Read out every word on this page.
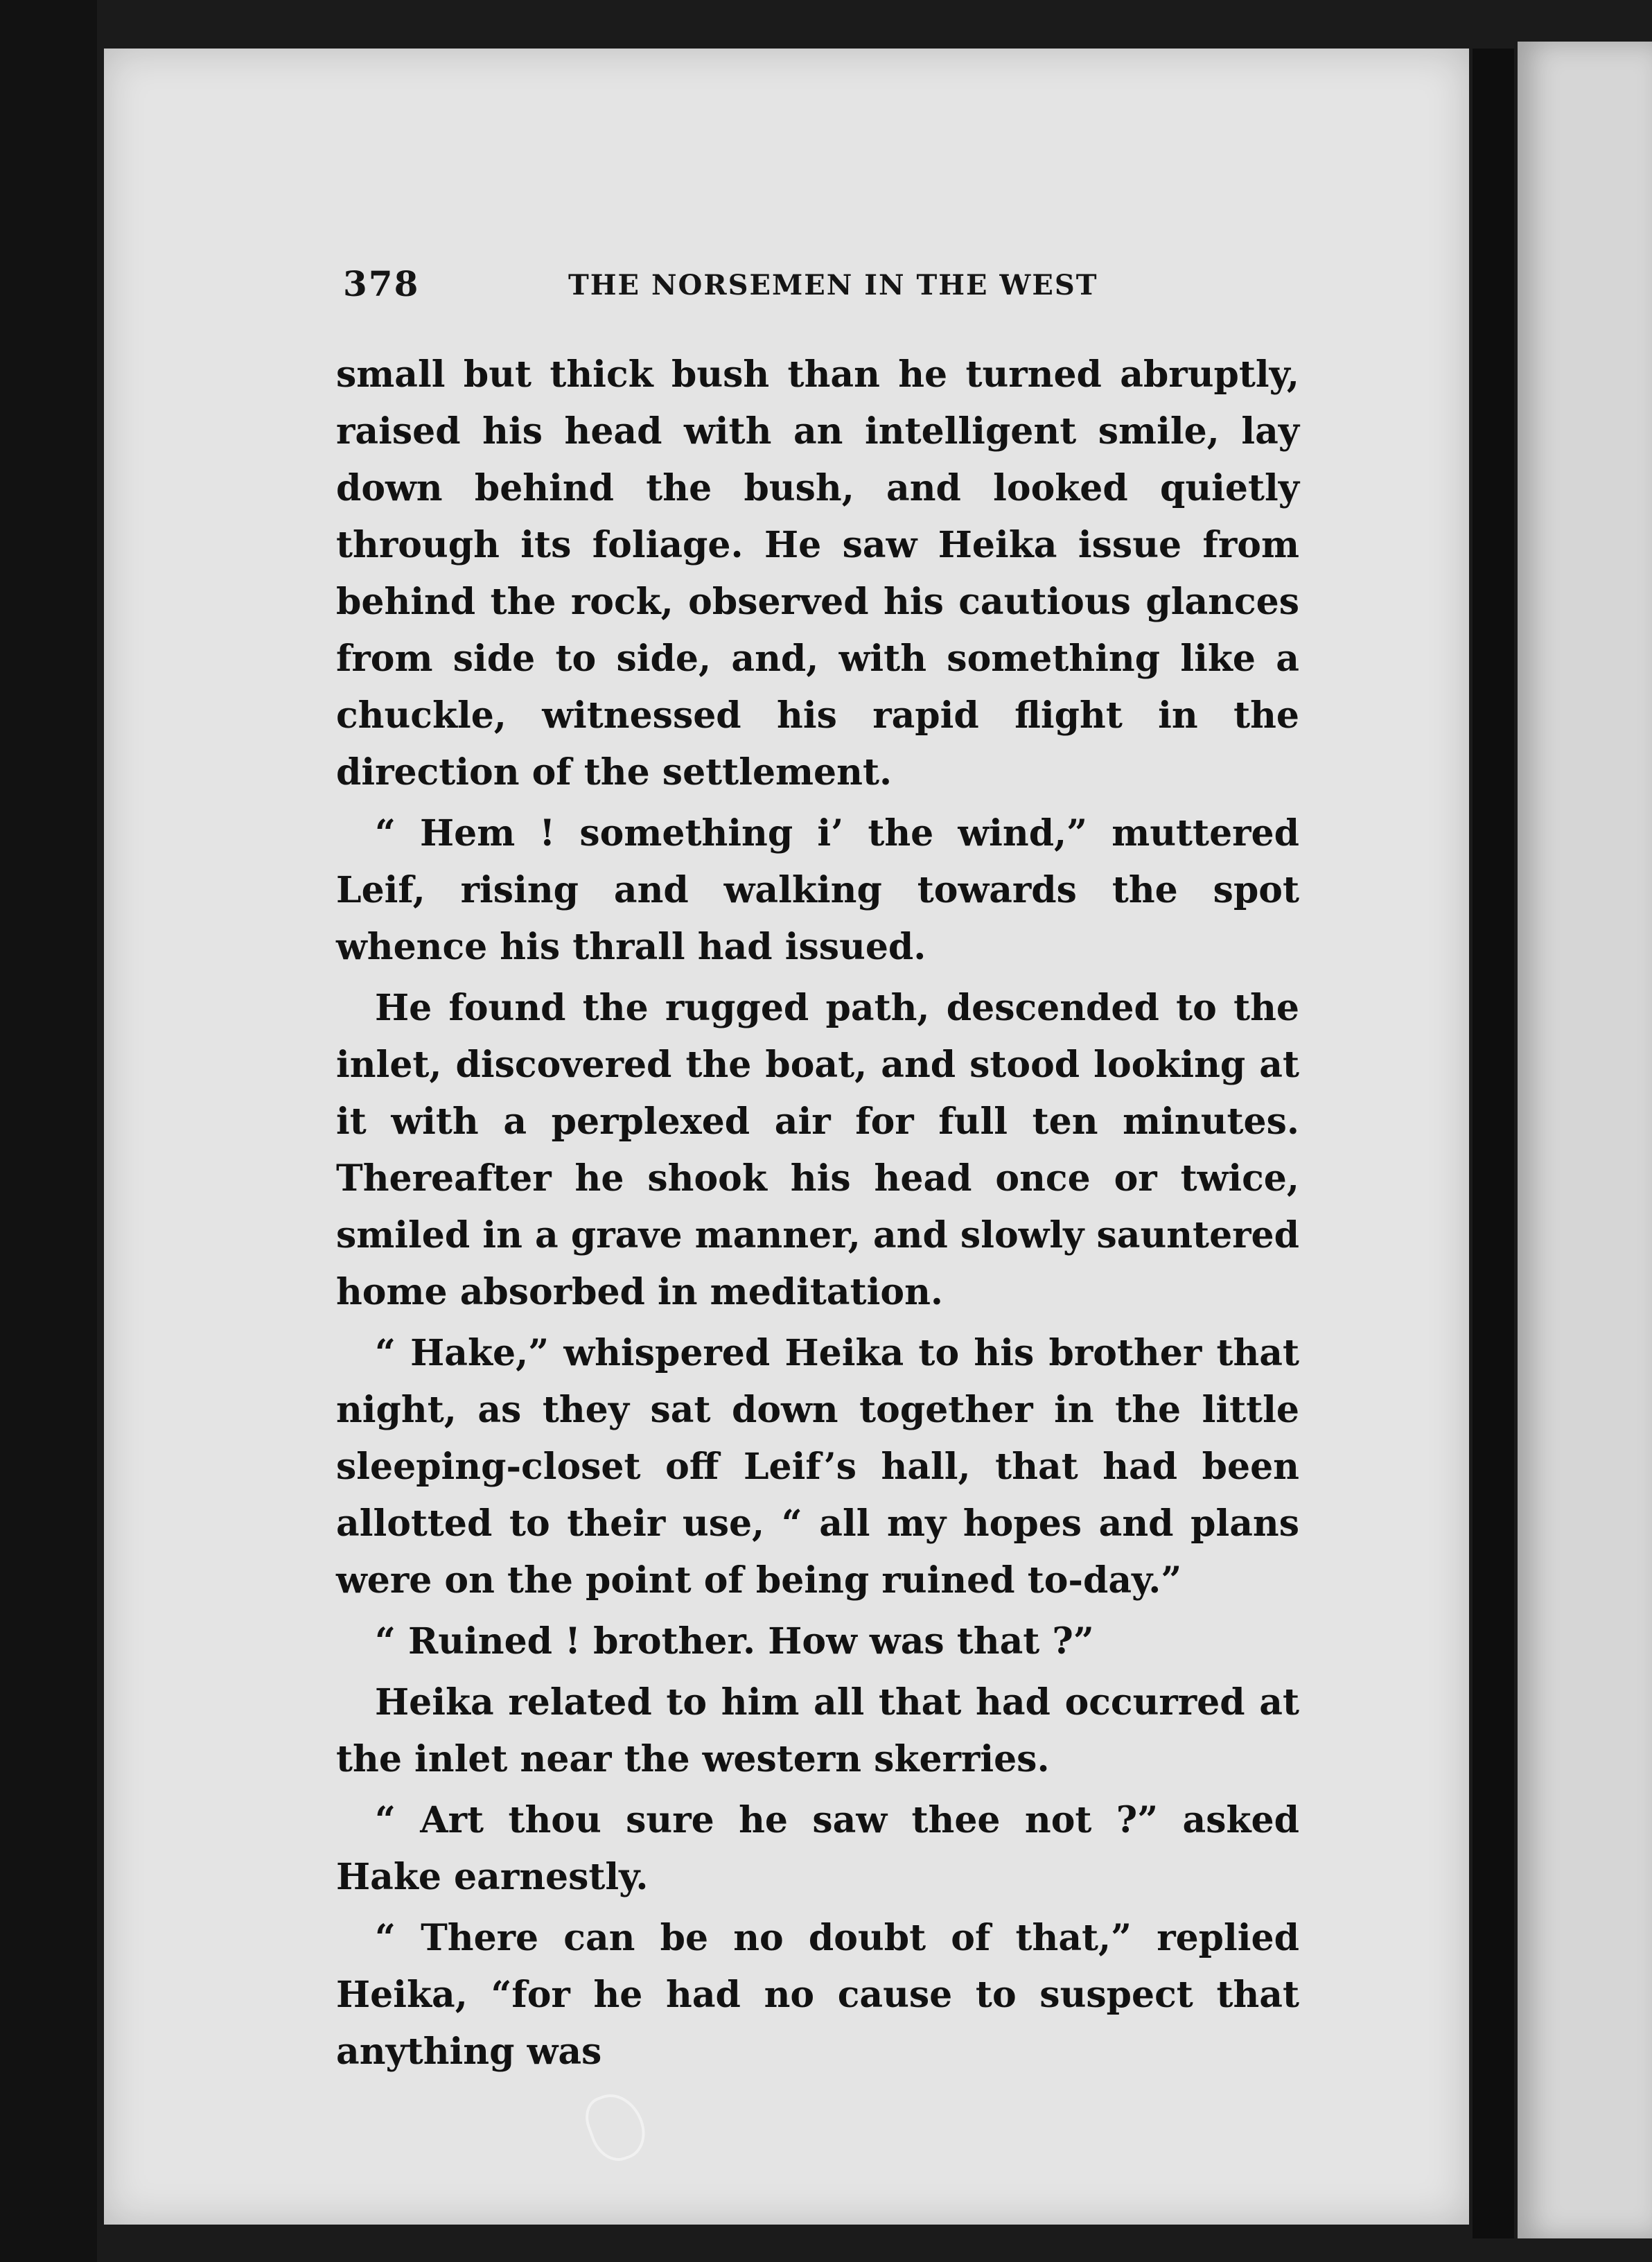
378	THE NORSEMEN IN THE WEST

small but thick bush than he turned abruptly, raised his head with an intelligent smile, lay down behind the bush, and looked quietly through its foliage. He saw Heika issue from behind the rock, observed his cautious glances from side to side, and, with something like a chuckle, witnessed his rapid flight in the direction of the settlement.

“ Hem ! something i’ the wind,” muttered Leif, rising and walking towards the spot whence his thrall had issued.

He found the rugged path, descended to the inlet, discovered the boat, and stood looking at it with a perplexed air for full ten minutes. Thereafter he shook his head once or twice, smiled in a grave manner, and slowly sauntered home absorbed in meditation.

“ Hake,” whispered Heika to his brother that night, as they sat down together in the little sleeping-closet off Leif’s hall, that had been allotted to their use, “ all my hopes and plans were on the point of being ruined to-day.”

“ Ruined ! brother. How was that ?”

Heika related to him all that had occurred at the inlet near the western skerries.

“ Art thou sure he saw thee not ?” asked Hake earnestly.

“ There can be no doubt of that,” replied Heika, “for he had no cause to suspect that anything was
